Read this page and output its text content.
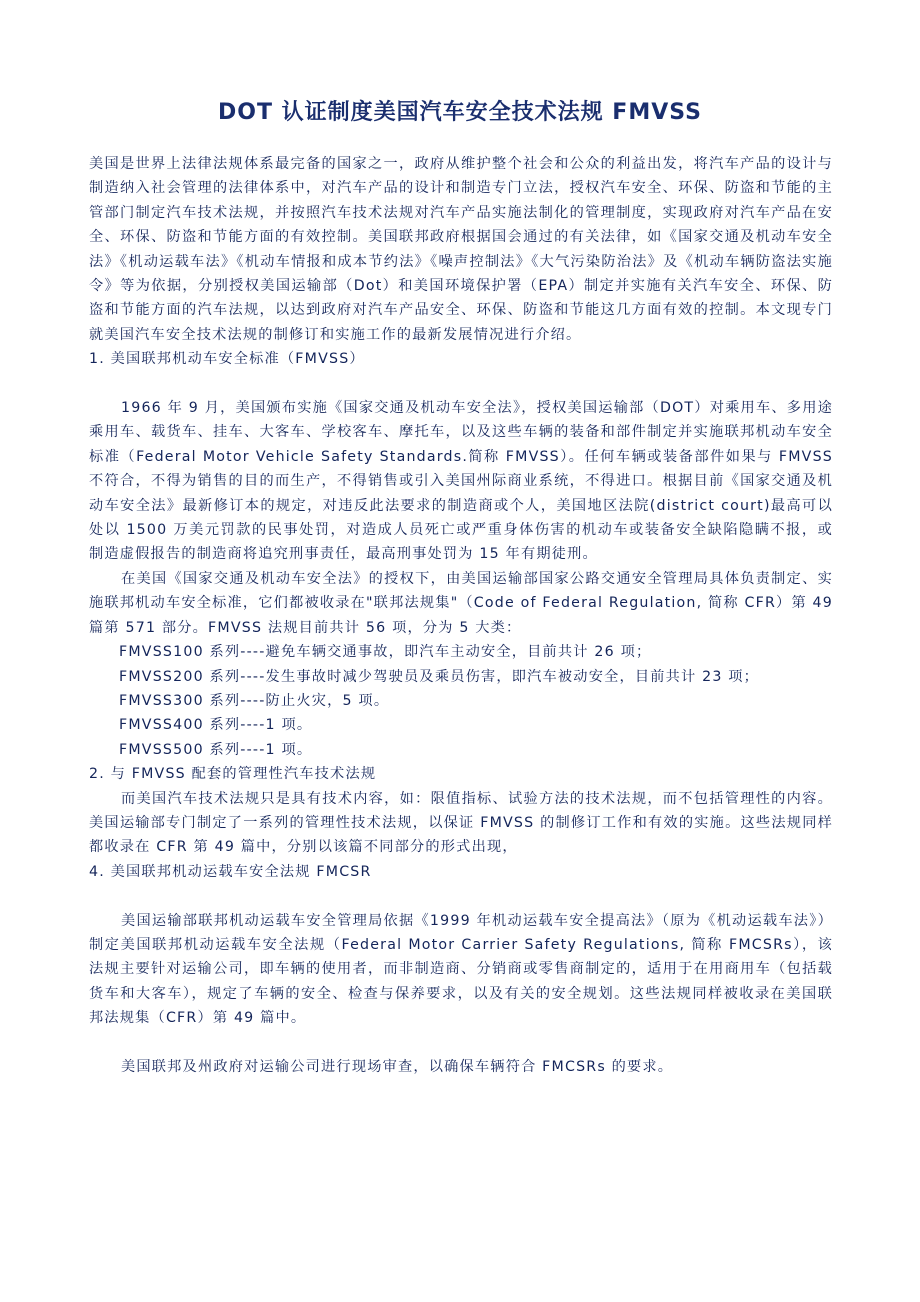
DOT 认证制度美国汽车安全技术法规 FMVSS

美国是世界上法律法规体系最完备的国家之一，政府从维护整个社会和公众的利益出发，将汽车产品的设计与制造纳入社会管理的法律体系中，对汽车产品的设计和制造专门立法，授权汽车安全、环保、防盗和节能的主管部门制定汽车技术法规，并按照汽车技术法规对汽车产品实施法制化的管理制度，实现政府对汽车产品在安全、环保、防盗和节能方面的有效控制。美国联邦政府根据国会通过的有关法律，如《国家交通及机动车安全法》《机动运载车法》《机动车情报和成本节约法》《噪声控制法》《大气污染防治法》及《机动车辆防盗法实施令》等为依据，分别授权美国运输部（Dot）和美国环境保护署（EPA）制定并实施有关汽车安全、环保、防盗和节能方面的汽车法规，以达到政府对汽车产品安全、环保、防盗和节能这几方面有效的控制。本文现专门就美国汽车安全技术法规的制修订和实施工作的最新发展情况进行介绍。

1. 美国联邦机动车安全标准（FMVSS）

1966 年 9 月，美国颁布实施《国家交通及机动车安全法》，授权美国运输部（DOT）对乘用车、多用途乘用车、载货车、挂车、大客车、学校客车、摩托车，以及这些车辆的装备和部件制定并实施联邦机动车安全标准（Federal Motor Vehicle Safety Standards.简称 FMVSS）。任何车辆或装备部件如果与 FMVSS 不符合，不得为销售的目的而生产，不得销售或引入美国州际商业系统，不得进口。根据目前《国家交通及机动车安全法》最新修订本的规定，对违反此法要求的制造商或个人，美国地区法院(district court)最高可以处以 1500 万美元罚款的民事处罚，对造成人员死亡或严重身体伤害的机动车或装备安全缺陷隐瞒不报，或制造虚假报告的制造商将追究刑事责任，最高刑事处罚为 15 年有期徒刑。

在美国《国家交通及机动车安全法》的授权下，由美国运输部国家公路交通安全管理局具体负责制定、实施联邦机动车安全标准，它们都被收录在"联邦法规集"（Code of Federal Regulation, 简称 CFR）第 49 篇第 571 部分。FMVSS 法规目前共计 56 项，分为 5 大类：

FMVSS100 系列----避免车辆交通事故，即汽车主动安全，目前共计 26 项；

FMVSS200 系列----发生事故时减少驾驶员及乘员伤害，即汽车被动安全，目前共计 23 项；

FMVSS300 系列----防止火灾，5 项。

FMVSS400 系列----1 项。

FMVSS500 系列----1 项。

2. 与 FMVSS 配套的管理性汽车技术法规

而美国汽车技术法规只是具有技术内容，如：限值指标、试验方法的技术法规，而不包括管理性的内容。美国运输部专门制定了一系列的管理性技术法规，以保证 FMVSS 的制修订工作和有效的实施。这些法规同样都收录在 CFR 第 49 篇中，分别以该篇不同部分的形式出现，

4. 美国联邦机动运载车安全法规 FMCSR

美国运输部联邦机动运载车安全管理局依据《1999 年机动运载车安全提高法》（原为《机动运载车法》）制定美国联邦机动运载车安全法规（Federal Motor Carrier Safety Regulations, 简称 FMCSRs），该法规主要针对运输公司，即车辆的使用者，而非制造商、分销商或零售商制定的，适用于在用商用车（包括载货车和大客车），规定了车辆的安全、检查与保养要求，以及有关的安全规划。这些法规同样被收录在美国联邦法规集（CFR）第 49 篇中。

美国联邦及州政府对运输公司进行现场审查，以确保车辆符合 FMCSRs 的要求。
